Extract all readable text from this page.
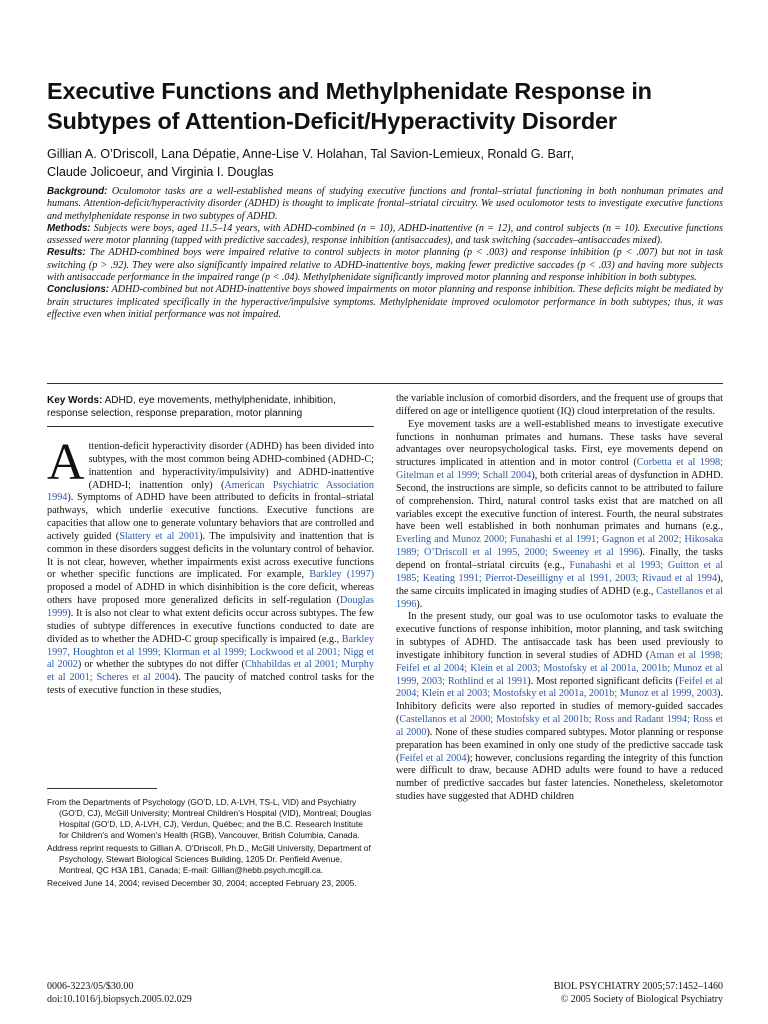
Executive Functions and Methylphenidate Response in
Subtypes of Attention-Deficit/Hyperactivity Disorder
Gillian A. O’Driscoll, Lana Dépatie, Anne-Lise V. Holahan, Tal Savion-Lemieux, Ronald G. Barr,
Claude Jolicoeur, and Virginia I. Douglas

Background: Oculomotor tasks are a well-established means of studying executive functions and frontal–striatal functioning in both nonhuman primates and humans. Attention-deficit/hyperactivity disorder (ADHD) is thought to implicate frontal–striatal circuitry. We used oculomotor tests to investigate executive functions and methylphenidate response in two subtypes of ADHD.

Methods: Subjects were boys, aged 11.5–14 years, with ADHD-combined (n = 10), ADHD-inattentive (n = 12), and control subjects (n = 10). Executive functions assessed were motor planning (tapped with predictive saccades), response inhibition (antisaccades), and task switching (saccades–antisaccades mixed).

Results: The ADHD-combined boys were impaired relative to control subjects in motor planning (p < .003) and response inhibition (p < .007) but not in task switching (p > .92). They were also significantly impaired relative to ADHD-inattentive boys, making fewer predictive saccades (p < .03) and having more subjects with antisaccade performance in the impaired range (p < .04). Methylphenidate significantly improved motor planning and response inhibition in both subtypes.

Conclusions: ADHD-combined but not ADHD-inattentive boys showed impairments on motor planning and response inhibition. These deficits might be mediated by brain structures implicated specifically in the hyperactive/impulsive symptoms. Methylphenidate improved oculomotor performance in both subtypes; thus, it was effective even when initial performance was not impaired.

Key Words: ADHD, eye movements, methylphenidate, inhibition, response selection, response preparation, motor planning

Attention-deficit hyperactivity disorder (ADHD) has been divided into subtypes, with the most common being ADHD-combined (ADHD-C; inattention and hyperactivity/impulsivity) and ADHD-inattentive (ADHD-I; inattention only) (American Psychiatric Association 1994). Symptoms of ADHD have been attributed to deficits in frontal–striatal pathways, which underlie executive functions. Executive functions are capacities that allow one to generate voluntary behaviors that are controlled and actively guided (Slattery et al 2001). The impulsivity and inattention that is common in these disorders suggest deficits in the voluntary control of behavior. It is not clear, however, whether impairments exist across executive functions or whether specific functions are implicated. For example, Barkley (1997) proposed a model of ADHD in which disinhibition is the core deficit, whereas others have proposed more generalized deficits in self-regulation (Douglas 1999). It is also not clear to what extent deficits occur across subtypes. The few studies of subtype differences in executive functions conducted to date are divided as to whether the ADHD-C group specifically is impaired (e.g., Barkley 1997, Houghton et al 1999; Klorman et al 1999; Lockwood et al 2001; Nigg et al 2002) or whether the subtypes do not differ (Chhabildas et al 2001; Murphy et al 2001; Scheres et al 2004). The paucity of matched control tasks for the tests of executive function in these studies,

From the Departments of Psychology (GO’D, LD, A-LVH, TS-L, VID) and Psychiatry (GO’D, CJ), McGill University; Montreal Children’s Hospital (VID), Montreal; Douglas Hospital (GO’D, LD, A-LVH, CJ), Verdun, Québec; and the B.C. Research Institute for Children’s and Women’s Health (RGB), Vancouver, British Columbia, Canada.

Address reprint requests to Gillian A. O’Driscoll, Ph.D., McGill University, Department of Psychology, Stewart Biological Sciences Building, 1205 Dr. Penfield Avenue, Montreal, QC H3A 1B1, Canada; E-mail: Gillian@hebb.psych.mcgill.ca.

Received June 14, 2004; revised December 30, 2004; accepted February 23, 2005.

the variable inclusion of comorbid disorders, and the frequent use of groups that differed on age or intelligence quotient (IQ) cloud interpretation of the results.

Eye movement tasks are a well-established means to investigate executive functions in nonhuman primates and humans. These tasks have several advantages over neuropsychological tasks. First, eye movements depend on structures implicated in attention and in motor control (Corbetta et al 1998; Gitelman et al 1999; Schall 2004), both criterial areas of dysfunction in ADHD. Second, the instructions are simple, so deficits cannot to be attributed to failure of comprehension. Third, natural control tasks exist that are matched on all variables except the executive function of interest. Fourth, the neural substrates have been well established in both nonhuman primates and humans (e.g., Everling and Munoz 2000; Funahashi et al 1991; Gagnon et al 2002; Hikosaka 1989; O’Driscoll et al 1995, 2000; Sweeney et al 1996). Finally, the tasks depend on frontal–striatal circuits (e.g., Funahashi et al 1993; Guitton et al 1985; Keating 1991; Pierrot-Deseilligny et al 1991, 2003; Rivaud et al 1994), the same circuits implicated in imaging studies of ADHD (e.g., Castellanos et al 1996).

In the present study, our goal was to use oculomotor tasks to evaluate the executive functions of response inhibition, motor planning, and task switching in subtypes of ADHD. The antisaccade task has been used previously to investigate inhibitory function in several studies of ADHD (Aman et al 1998; Feifel et al 2004; Klein et al 2003; Mostofsky et al 2001a, 2001b; Munoz et al 1999, 2003; Rothlind et al 1991). Most reported significant deficits (Feifel et al 2004; Klein et al 2003; Mostofsky et al 2001a, 2001b; Munoz et al 1999, 2003). Inhibitory deficits were also reported in studies of memory-guided saccades (Castellanos et al 2000; Mostofsky et al 2001b; Ross and Radant 1994; Ross et al 2000). None of these studies compared subtypes. Motor planning or response preparation has been examined in only one study of the predictive saccade task (Feifel et al 2004); however, conclusions regarding the integrity of this function were difficult to draw, because ADHD adults were found to have a reduced number of predictive saccades but faster latencies. Nonetheless, skeletomotor studies have suggested that ADHD children

0006-3223/05/$30.00
doi:10.1016/j.biopsych.2005.02.029
BIOL PSYCHIATRY 2005;57:1452–1460
© 2005 Society of Biological Psychiatry
